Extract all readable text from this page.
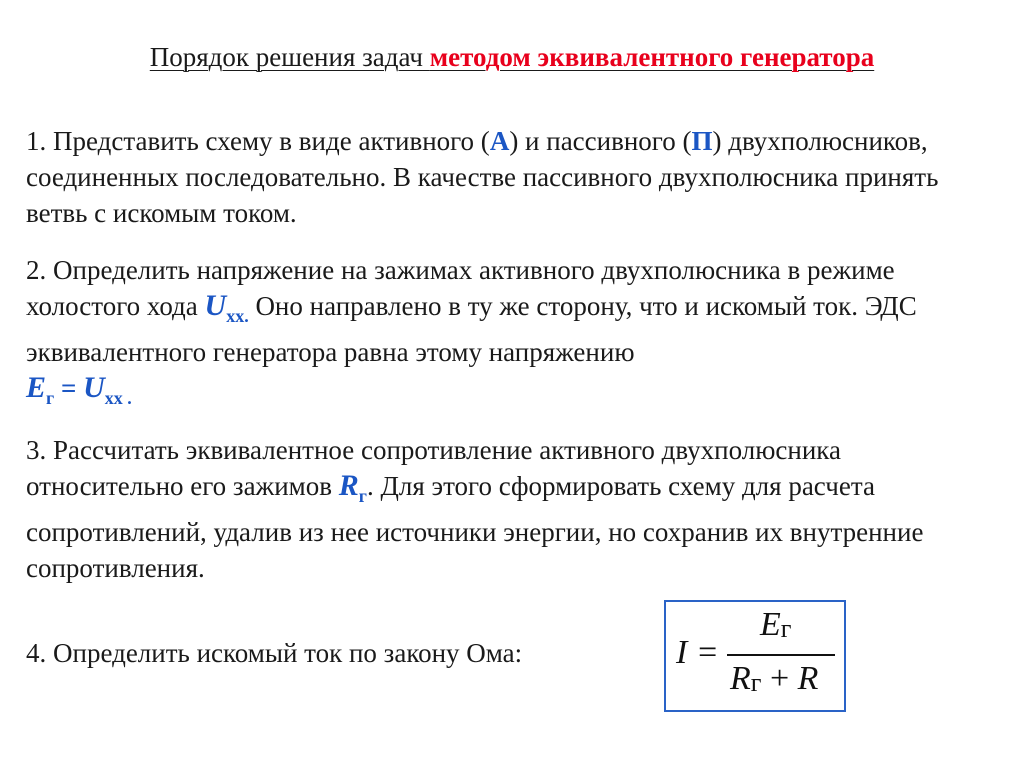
Порядок решения задач методом эквивалентного генератора

1. Представить схему в виде активного (А) и пассивного (П) двухполюсников, соединенных последовательно. В качестве пассивного двухполюсника принять ветвь с искомым током.

2. Определить напряжение на зажимах активного двухполюсника в режиме холостого хода $U_{xx.}$ Оно направлено в ту же сторону, что и искомый ток. ЭДС эквивалентного генератора равна этому напряжению
$E_г = U_{xx .}$

3. Рассчитать эквивалентное сопротивление активного двухполюсника относительно его зажимов $R_г$. Для этого сформировать схему для расчета сопротивлений, удалив из нее источники энергии, но сохранив их внутренние сопротивления.

4. Определить искомый ток по закону Ома:	I =
Eг
Rг + R
